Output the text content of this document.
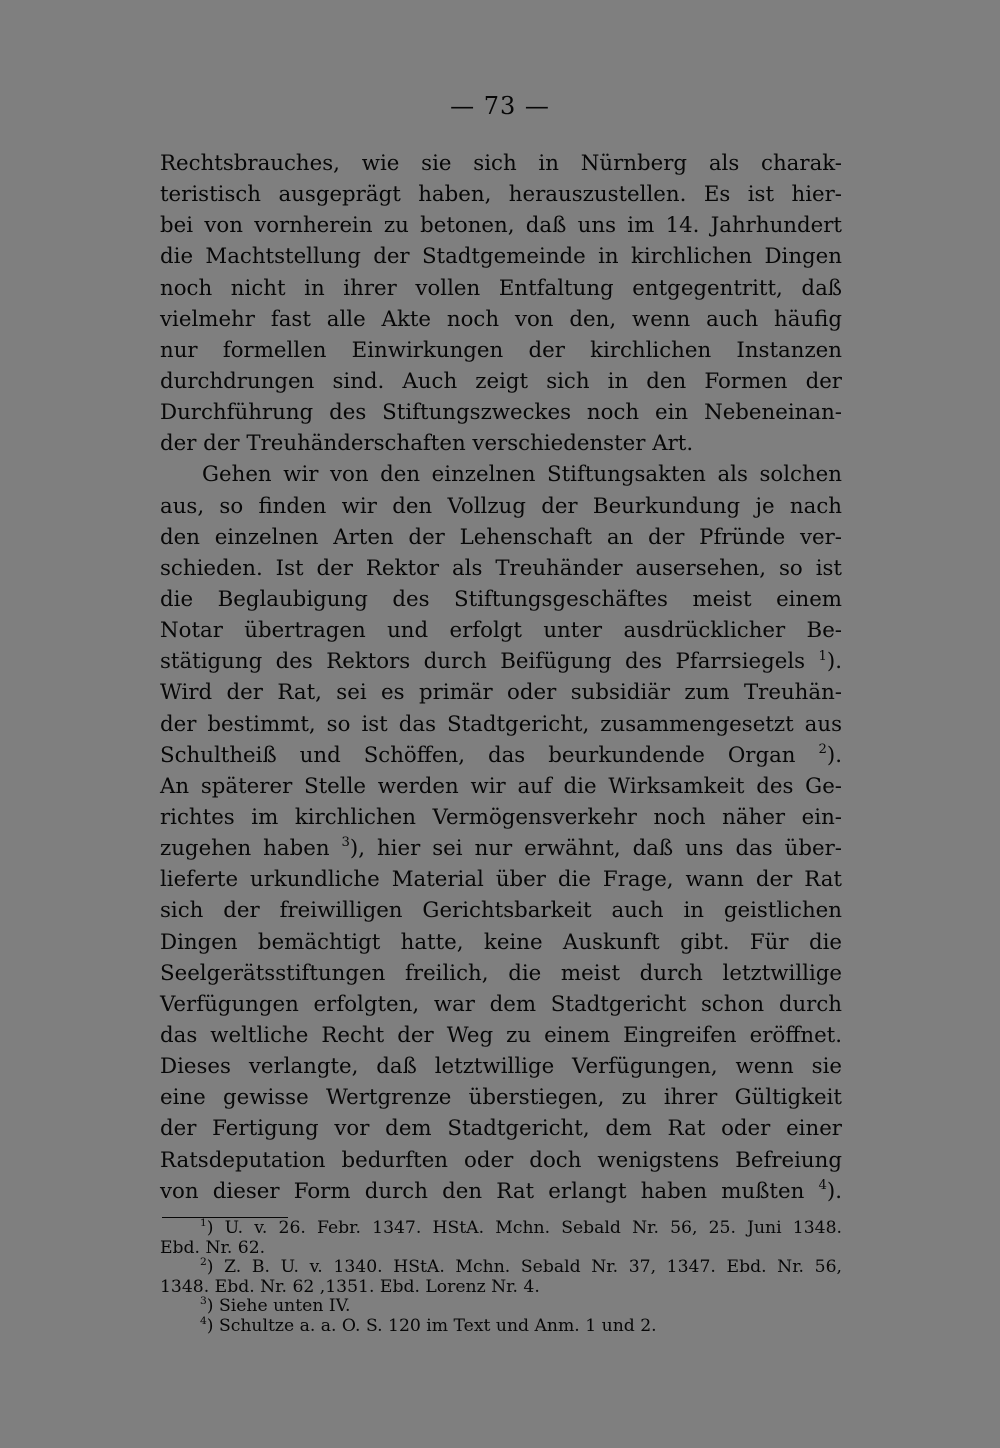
— 73 —
Rechtsbrauches, wie sie sich in Nürnberg als charak-
teristisch ausgeprägt haben, herauszustellen. Es ist hier-
bei von vornherein zu betonen, daß uns im 14. Jahrhundert
die Machtstellung der Stadtgemeinde in kirchlichen Dingen
noch nicht in ihrer vollen Entfaltung entgegentritt, daß
vielmehr fast alle Akte noch von den, wenn auch häufig
nur formellen Einwirkungen der kirchlichen Instanzen
durchdrungen sind. Auch zeigt sich in den Formen der
Durchführung des Stiftungszweckes noch ein Nebeneinan-
der der Treuhänderschaften verschiedenster Art.
Gehen wir von den einzelnen Stiftungsakten als solchen
aus, so finden wir den Vollzug der Beurkundung je nach
den einzelnen Arten der Lehenschaft an der Pfründe ver-
schieden. Ist der Rektor als Treuhänder ausersehen, so ist
die Beglaubigung des Stiftungsgeschäftes meist einem
Notar übertragen und erfolgt unter ausdrücklicher Be-
stätigung des Rektors durch Beifügung des Pfarrsiegels $^1$).
Wird der Rat, sei es primär oder subsidiär zum Treuhän-
der bestimmt, so ist das Stadtgericht, zusammengesetzt aus
Schultheiß und Schöffen, das beurkundende Organ $^2$).
An späterer Stelle werden wir auf die Wirksamkeit des Ge-
richtes im kirchlichen Vermögensverkehr noch näher ein-
zugehen haben $^3$), hier sei nur erwähnt, daß uns das über-
lieferte urkundliche Material über die Frage, wann der Rat
sich der freiwilligen Gerichtsbarkeit auch in geistlichen
Dingen bemächtigt hatte, keine Auskunft gibt. Für die
Seelgerätsstiftungen freilich, die meist durch letztwillige
Verfügungen erfolgten, war dem Stadtgericht schon durch
das weltliche Recht der Weg zu einem Eingreifen eröffnet.
Dieses verlangte, daß letztwillige Verfügungen, wenn sie
eine gewisse Wertgrenze überstiegen, zu ihrer Gültigkeit
der Fertigung vor dem Stadtgericht, dem Rat oder einer
Ratsdeputation bedurften oder doch wenigstens Befreiung
von dieser Form durch den Rat erlangt haben mußten $^4$).
$^1$) U. v. 26. Febr. 1347. HStA. Mchn. Sebald Nr. 56, 25. Juni 1348.
Ebd. Nr. 62.
$^2$) Z. B. U. v. 1340. HStA. Mchn. Sebald Nr. 37, 1347. Ebd. Nr. 56,
1348. Ebd. Nr. 62 ,1351. Ebd. Lorenz Nr. 4.
$^3$) Siehe unten IV.
$^4$) Schultze a. a. O. S. 120 im Text und Anm. 1 und 2.
